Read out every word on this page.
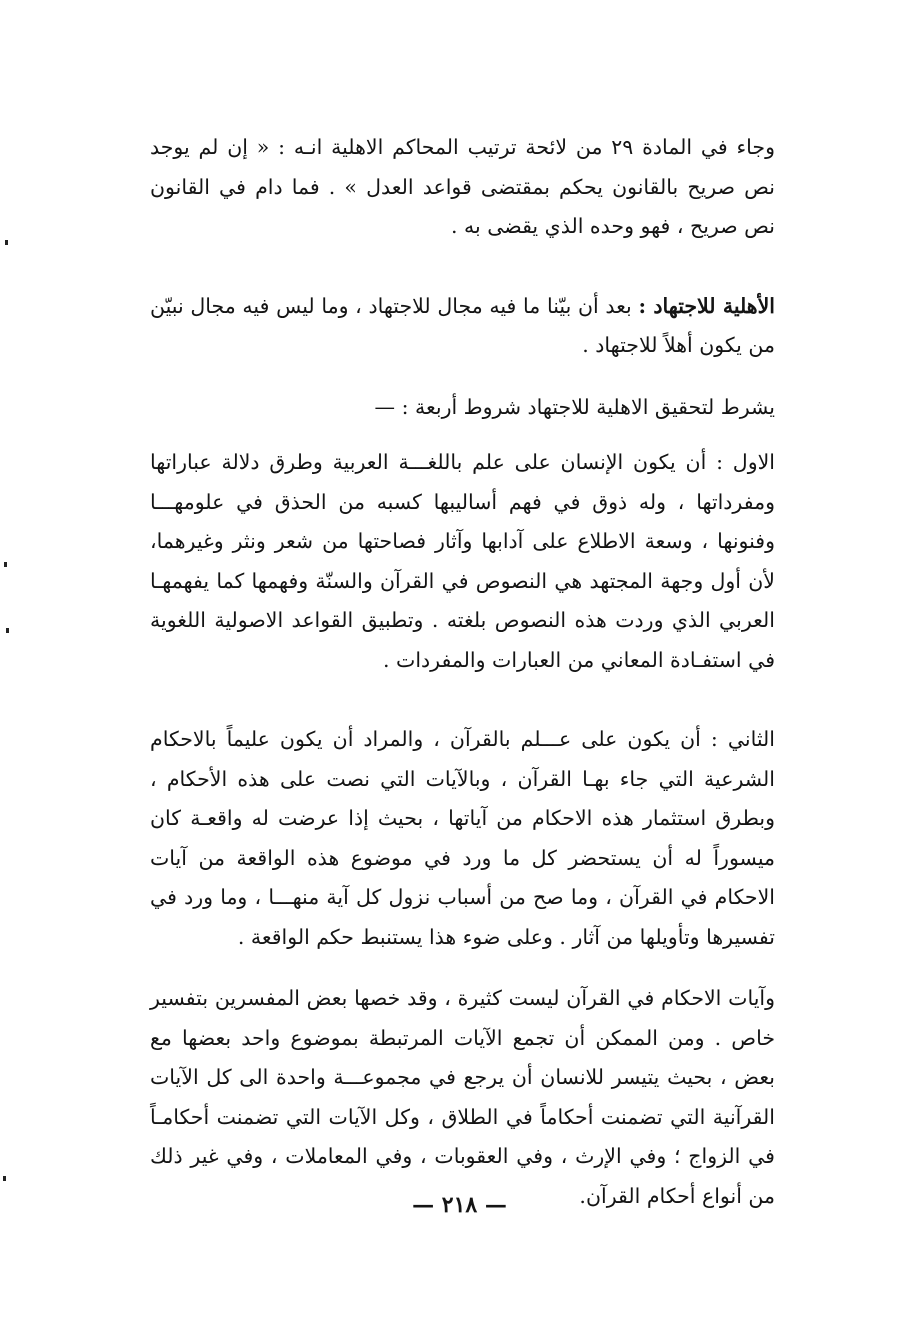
وجاء في المادة ٢٩ من لائحة ترتيب المحاكم الاهلية انـه : « إن لم يوجد نص صريح بالقانون يحكم بمقتضى قواعد العدل » . فما دام في القانون نص صريح ، فهو وحده الذي يقضى به .

الأهلية للاجتهاد : بعد أن بيّنا ما فيه مجال للاجتهاد ، وما ليس فيه مجال نبيّن من يكون أهلاً للاجتهاد .

يشرط لتحقيق الاهلية للاجتهاد شروط أربعة : —

الاول : أن يكون الإنسان على علم باللغـــة العربية وطرق دلالة عباراتها ومفرداتها ، وله ذوق في فهم أساليبها كسبه من الحذق في علومهـــا وفنونها ، وسعة الاطلاع على آدابها وآثار فصاحتها من شعر ونثر وغيرهما، لأن أول وجهة المجتهد هي النصوص في القرآن والسنّة وفهمها كما يفهمهـا العربي الذي وردت هذه النصوص بلغته . وتطبيق القواعد الاصولية اللغوية في استفـادة المعاني من العبارات والمفردات .

الثاني : أن يكون على عـــلم بالقرآن ، والمراد أن يكون عليماً بالاحكام الشرعية التي جاء بهـا القرآن ، وبالآيات التي نصت على هذه الأحكام ، وبطرق استثمار هذه الاحكام من آياتها ، بحيث إذا عرضت له واقعـة كان ميسوراً له أن يستحضر كل ما ورد في موضوع هذه الواقعة من آيات الاحكام في القرآن ، وما صح من أسباب نزول كل آية منهـــا ، وما ورد في تفسيرها وتأويلها من آثار . وعلى ضوء هذا يستنبط حكم الواقعة .

وآيات الاحكام في القرآن ليست كثيرة ، وقد خصها بعض المفسرين بتفسير خاص . ومن الممكن أن تجمع الآيات المرتبطة بموضوع واحد بعضها مع بعض ، بحيث يتيسر للانسان أن يرجع في مجموعـــة واحدة الى كل الآيات القرآنية التي تضمنت أحكاماً في الطلاق ، وكل الآيات التي تضمنت أحكامـاً في الزواج ؛ وفي الإرث ، وفي العقوبات ، وفي المعاملات ، وفي غير ذلك من أنواع أحكام القرآن.

— ٢١٨ —
